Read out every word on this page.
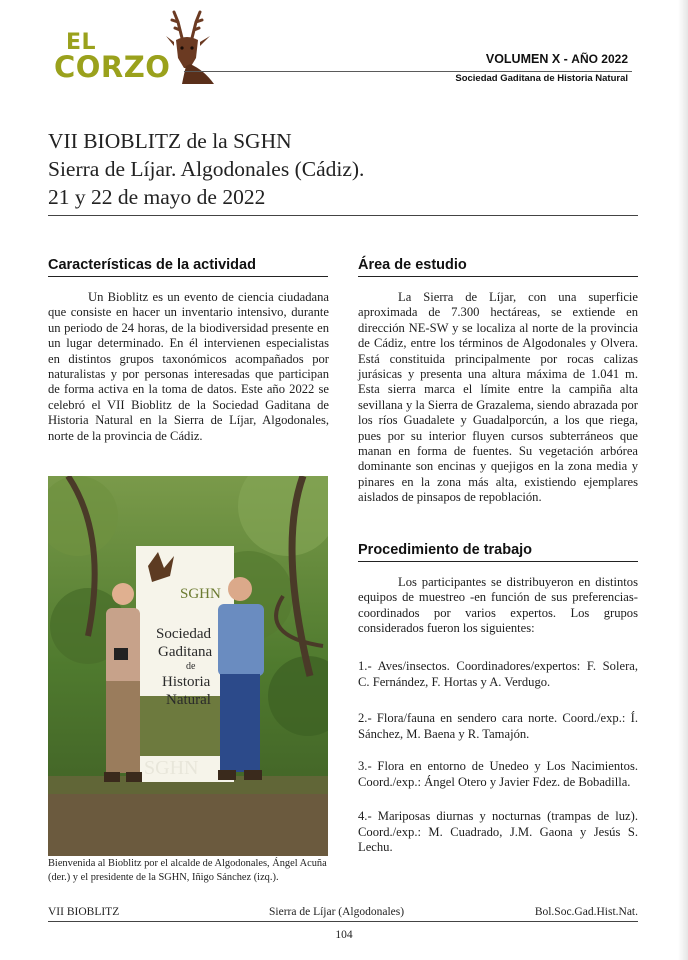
EL
CORZO	VOLUMEN X - AÑO 2022
Sociedad Gaditana de Historia Natural
VII BIOBLITZ de la SGHN
Sierra de Líjar. Algodonales (Cádiz).
21 y 22 de mayo de 2022
Características de la actividad
Un Bioblitz es un evento de ciencia ciudadana que consiste en hacer un inventario intensivo, durante un periodo de 24 horas, de la biodiversidad presente en un lugar determinado. En él intervienen especialistas en distintos grupos taxonómicos acompañados por naturalistas y por personas interesadas que participan de forma activa en la toma de datos. Este año 2022 se celebró el VII Bioblitz de la Sociedad Gaditana de Historia Natural en la Sierra de Líjar, Algodonales, norte de la provincia de Cádiz.
SGHN
Sociedad
Gaditana
de
Historia
Natural
SGHN
Bienvenida al Bioblitz por el alcalde de Algodonales, Ángel Acuña (der.) y el presidente de la SGHN, Iñigo Sánchez (izq.).
Área de estudio
La Sierra de Líjar, con una superficie aproximada de 7.300 hectáreas, se extiende en dirección NE-SW y se localiza al norte de la provincia de Cádiz, entre los términos de Algodonales y Olvera. Está constituida principalmente por rocas calizas jurásicas y presenta una altura máxima de 1.041 m. Esta sierra marca el límite entre la campiña alta sevillana y la Sierra de Grazalema, siendo abrazada por los ríos Guadalete y Guadalporcún, a los que riega, pues por su interior fluyen cursos subterráneos que manan en forma de fuentes. Su vegetación arbórea dominante son encinas y quejigos en la zona media y pinares en la zona más alta, existiendo ejemplares aislados de pinsapos de repoblación.
Procedimiento de trabajo
Los participantes se distribuyeron en distintos equipos de muestreo -en función de sus preferencias- coordinados por varios expertos. Los grupos considerados fueron los siguientes:
1.- Aves/insectos. Coordinadores/expertos: F. Solera, C. Fernández, F. Hortas y A. Verdugo.
2.- Flora/fauna en sendero cara norte. Coord./exp.: Í. Sánchez, M. Baena y R. Tamajón.
3.- Flora en entorno de Unedeo y Los Nacimientos. Coord./exp.: Ángel Otero y Javier Fdez. de Bobadilla.
4.- Mariposas diurnas y nocturnas (trampas de luz). Coord./exp.: M. Cuadrado, J.M. Gaona y Jesús S. Lechu.
VII BIOBLITZ	Sierra de Líjar (Algodonales)	Bol.Soc.Gad.Hist.Nat.
104
